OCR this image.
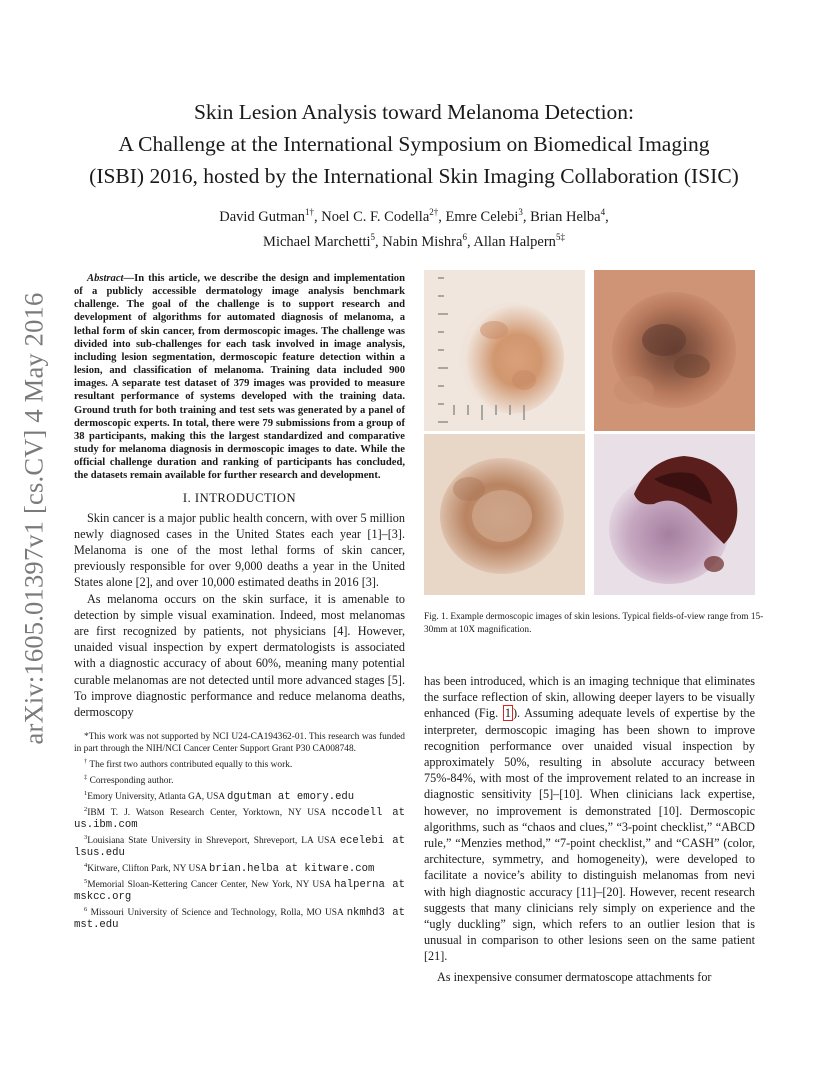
arXiv:1605.01397v1 [cs.CV] 4 May 2016
Skin Lesion Analysis toward Melanoma Detection:
A Challenge at the International Symposium on Biomedical Imaging
(ISBI) 2016, hosted by the International Skin Imaging Collaboration (ISIC)
David Gutman$^{1\dagger}$, Noel C. F. Codella$^{2\dagger}$, Emre Celebi$^3$, Brian Helba$^4$,
Michael Marchetti$^5$, Nabin Mishra$^6$, Allan Halpern$^{5\ddagger}$

Abstract—In this article, we describe the design and implementation of a publicly accessible dermatology image analysis benchmark challenge. The goal of the challenge is to support research and development of algorithms for automated diagnosis of melanoma, a lethal form of skin cancer, from dermoscopic images. The challenge was divided into sub-challenges for each task involved in image analysis, including lesion segmentation, dermoscopic feature detection within a lesion, and classification of melanoma. Training data included 900 images. A separate test dataset of 379 images was provided to measure resultant performance of systems developed with the training data. Ground truth for both training and test sets was generated by a panel of dermoscopic experts. In total, there were 79 submissions from a group of 38 participants, making this the largest standardized and comparative study for melanoma diagnosis in dermoscopic images to date. While the official challenge duration and ranking of participants has concluded, the datasets remain available for further research and development.

I. INTRODUCTION

Skin cancer is a major public health concern, with over 5 million newly diagnosed cases in the United States each year [1]–[3]. Melanoma is one of the most lethal forms of skin cancer, previously responsible for over 9,000 deaths a year in the United States alone [2], and over 10,000 estimated deaths in 2016 [3].

As melanoma occurs on the skin surface, it is amenable to detection by simple visual examination. Indeed, most melanomas are first recognized by patients, not physicians [4]. However, unaided visual inspection by expert dermatologists is associated with a diagnostic accuracy of about 60%, meaning many potential curable melanomas are not detected until more advanced stages [5]. To improve diagnostic performance and reduce melanoma deaths, dermoscopy

*This work was not supported by NCI U24-CA194362-01. This research was funded in part through the NIH/NCI Cancer Center Support Grant P30 CA008748.

† The first two authors contributed equally to this work.

‡ Corresponding author.

$^1$Emory University, Atlanta GA, USA dgutman at emory.edu

$^2$IBM T. J. Watson Research Center, Yorktown, NY USA nccodell at us.ibm.com

$^3$Louisiana State University in Shreveport, Shreveport, LA USA ecelebi at lsus.edu

$^4$Kitware, Clifton Park, NY USA brian.helba at kitware.com

$^5$Memorial Sloan-Kettering Cancer Center, New York, NY USA halperna at mskcc.org

$^6$ Missouri University of Science and Technology, Rolla, MO USA nkmhd3 at mst.edu

Fig. 1. Example dermoscopic images of skin lesions. Typical fields-of-view range from 15-30mm at 10X magnification.

has been introduced, which is an imaging technique that eliminates the surface reflection of skin, allowing deeper layers to be visually enhanced (Fig. 1 ). Assuming adequate levels of expertise by the interpreter, dermoscopic imaging has been shown to improve recognition performance over unaided visual inspection by approximately 50%, resulting in absolute accuracy between 75%-84%, with most of the improvement related to an increase in diagnostic sensitivity [5]–[10]. When clinicians lack expertise, however, no improvement is demonstrated [10]. Dermoscopic algorithms, such as “chaos and clues,” “3-point checklist,” “ABCD rule,” “Menzies method,” “7-point checklist,” and “CASH” (color, architecture, symmetry, and homogeneity), were developed to facilitate a novice’s ability to distinguish melanomas from nevi with high diagnostic accuracy [11]–[20]. However, recent research suggests that many clinicians rely simply on experience and the “ugly duckling” sign, which refers to an outlier lesion that is unusual in comparison to other lesions seen on the same patient [21].

As inexpensive consumer dermatoscope attachments for
